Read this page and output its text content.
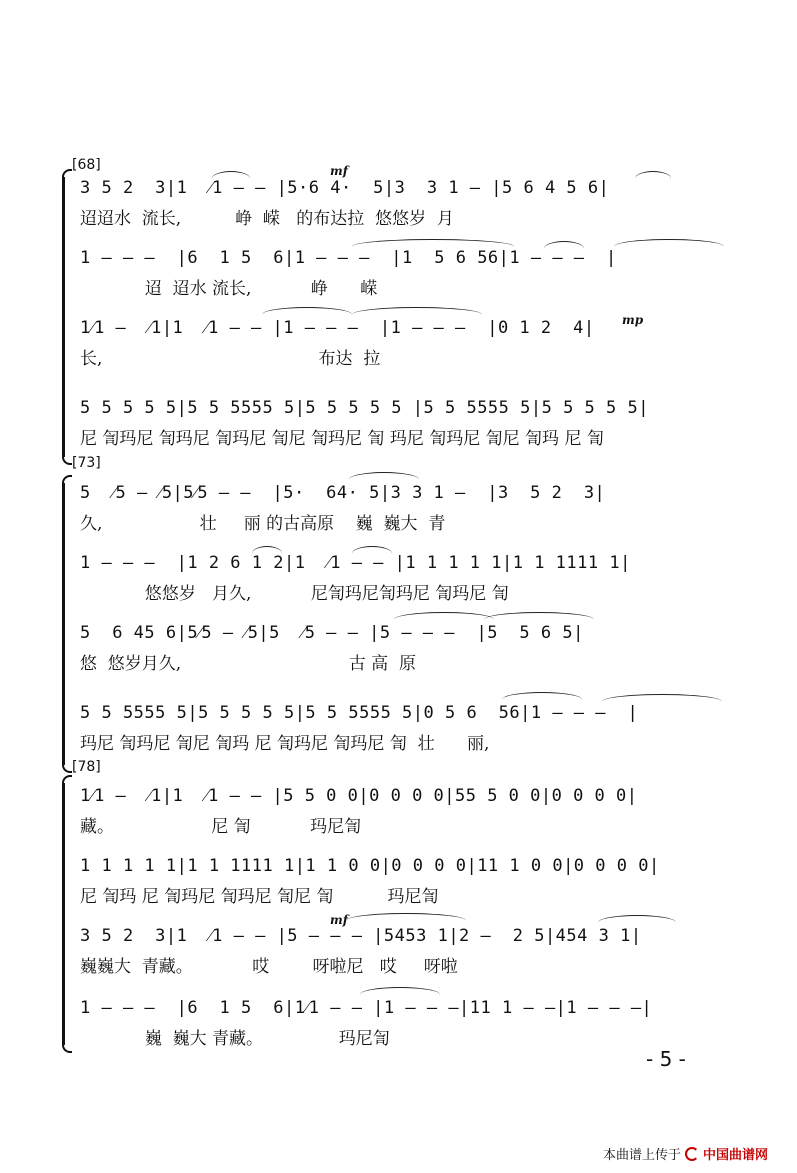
[68]	mf
mp
3 5 2  3|1  ⁄1 – – |5·6 4·  5|3  3 1 – |5 6 4 5 6|
迢迢水  流长,          峥  嵘   的布达拉  悠悠岁  月
1 – – –  |6  1 5  6|1 – – –  |1  5 6 56|1 – – –  |
迢  迢水 流长,           峥      嵘
1⁄1 –  ⁄1|1  ⁄1 – – |1 – – –  |1 – – –  |0 1 2  4|
长,                                        布达  拉
5 5 5 5 5|5 5 5555 5|5 5 5 5 5 |5 5 5555 5|5 5 5 5 5|
尼 訇玛尼 訇玛尼 訇玛尼 訇尼 訇玛尼 訇 玛尼 訇玛尼 訇尼 訇玛 尼 訇
[73]
5  ⁄5 – ⁄5|5⁄5 – –  |5·  64· 5|3 3 1 –  |3  5 2  3|
久,                  壮     丽 的古高原    巍  巍大  青
1 – – –  |1 2 6 1 2|1  ⁄1 – – |1 1 1 1 1|1 1 1111 1|
悠悠岁   月久,           尼訇玛尼訇玛尼 訇玛尼 訇
5  6 45 6|5⁄5 – ⁄5|5  ⁄5 – – |5 – – –  |5  5 6 5|
悠  悠岁月久,                               古 高  原
5 5 5555 5|5 5 5 5 5|5 5 5555 5|0 5 6  56|1 – – –  |
玛尼 訇玛尼 訇尼 訇玛 尼 訇玛尼 訇玛尼 訇  壮      丽,
[78]
mf
1⁄1 –  ⁄1|1  ⁄1 – – |5 5 0 0|0 0 0 0|55 5 0 0|0 0 0 0|
藏。                  尼 訇           玛尼訇
1 1 1 1 1|1 1 1111 1|1 1 0 0|0 0 0 0|11 1 0 0|0 0 0 0|
尼 訇玛 尼 訇玛尼 訇玛尼 訇尼 訇          玛尼訇
3 5 2  3|1  ⁄1 – – |5 – – – |5453 1|2 –  2 5|454 3 1|
巍巍大  青藏。           哎        呀啦尼   哎     呀啦
1 – – –  |6  1 5  6|1⁄1 – – |1 – – –|11 1 – –|1 – – –|
巍  巍大 青藏。              玛尼訇
- 5 -
本曲谱上传于 中国曲谱网
